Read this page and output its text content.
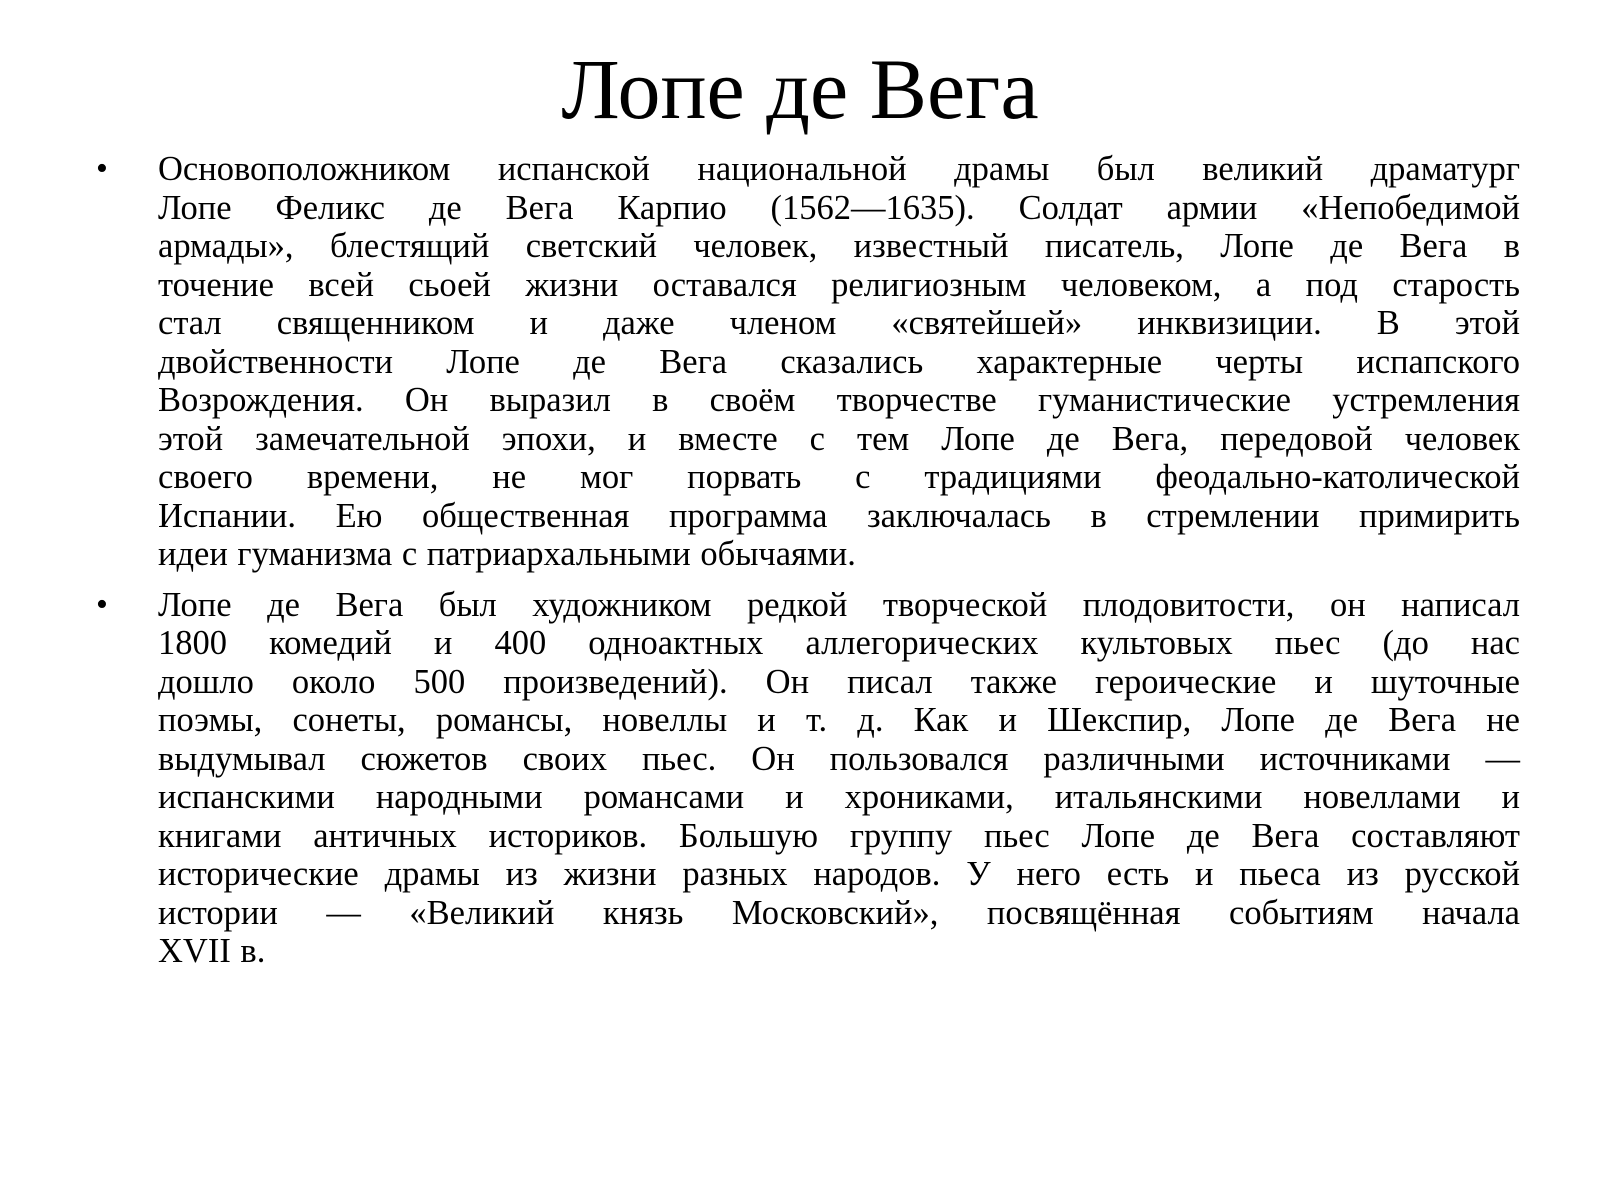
Лопе де Вега
• Основоположником испанской национальной драмы был великий драматург
Лопе Феликс де Вега Карпио (1562—1635). Солдат армии «Непобедимой
армады», блестящий светский человек, известный писатель, Лопе де Вега в
точение всей сьоей жизни оставался религиозным человеком, а под старость
стал священником и даже членом «святейшей» инквизиции. В этой
двойственности Лопе де Вега сказались характерные черты испапского
Возрождения. Он выразил в своём творчестве гуманистические устремления
этой замечательной эпохи, и вместе с тем Лопе де Вега, передовой человек
своего времени, не мог порвать с традициями феодально-католической
Испании. Ею общественная программа заключалась в стремлении примирить
идеи гуманизма с патриархальными обычаями.
• Лопе де Вега был художником редкой творческой плодовитости, он написал
1800 комедий и 400 одноактных аллегорических культовых пьес (до нас
дошло около 500 произведений). Он писал также героические и шуточные
поэмы, сонеты, романсы, новеллы и т. д. Как и Шекспир, Лопе де Вега не
выдумывал сюжетов своих пьес. Он пользовался различными источниками —
испанскими народными романсами и хрониками, итальянскими новеллами и
книгами античных историков. Большую группу пьес Лопе де Вега составляют
исторические драмы из жизни разных народов. У него есть и пьеса из русской
истории — «Великий князь Московский», посвящённая событиям начала
XVII в.
